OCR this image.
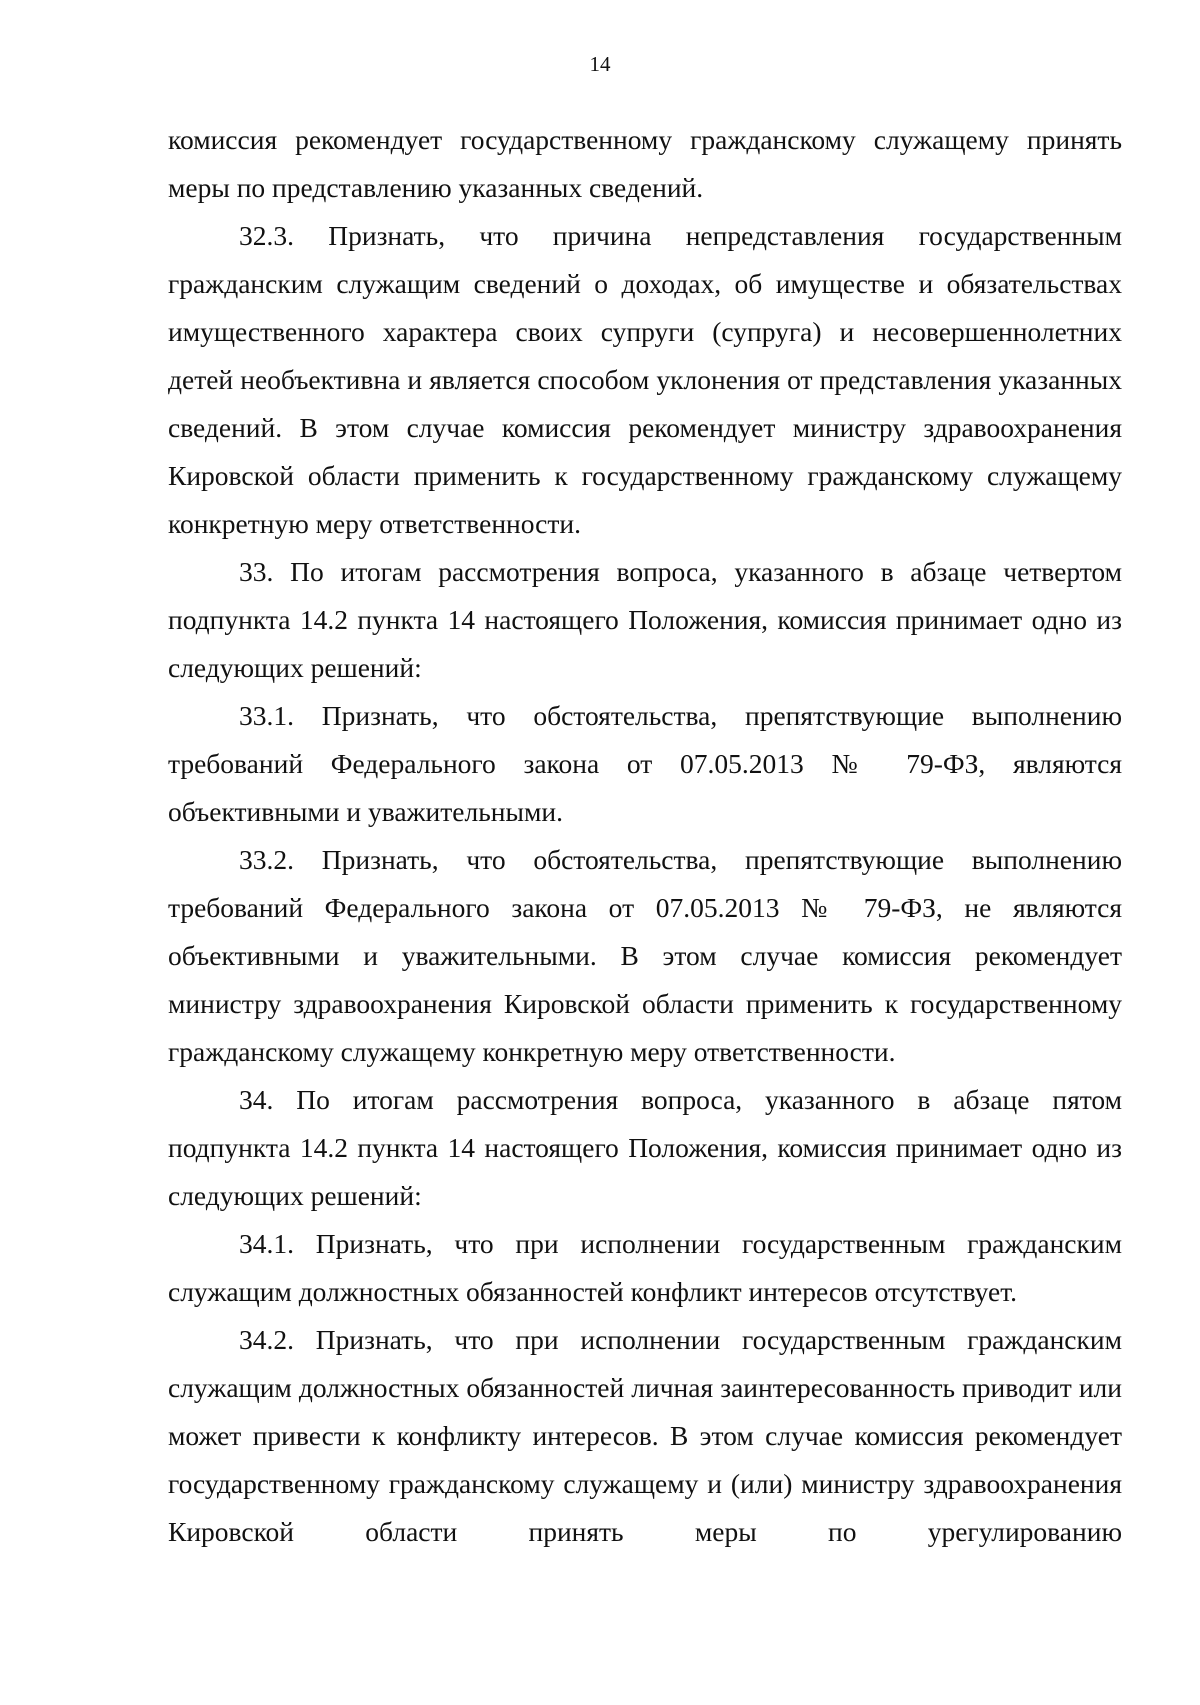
14

комиссия рекомендует государственному гражданскому служащему принять меры по представлению указанных сведений.

32.3. Признать, что причина непредставления государственным гражданским служащим сведений о доходах, об имуществе и обязательствах имущественного характера своих супруги (супруга) и несовершеннолетних детей необъективна и является способом уклонения от представления указанных сведений. В этом случае комиссия рекомендует министру здравоохранения Кировской области применить к государственному гражданскому служащему конкретную меру ответственности.

33. По итогам рассмотрения вопроса, указанного в абзаце четвертом подпункта 14.2 пункта 14 настоящего Положения, комиссия принимает одно из следующих решений:

33.1. Признать, что обстоятельства, препятствующие выполнению требований Федерального закона от 07.05.2013 № 79-ФЗ, являются объективными и уважительными.

33.2. Признать, что обстоятельства, препятствующие выполнению требований Федерального закона от 07.05.2013 № 79-ФЗ, не являются объективными и уважительными. В этом случае комиссия рекомендует министру здравоохранения Кировской области применить к государственному гражданскому служащему конкретную меру ответственности.

34. По итогам рассмотрения вопроса, указанного в абзаце пятом подпункта 14.2 пункта 14 настоящего Положения, комиссия принимает одно из следующих решений:

34.1. Признать, что при исполнении государственным гражданским служащим должностных обязанностей конфликт интересов отсутствует.

34.2. Признать, что при исполнении государственным гражданским служащим должностных обязанностей личная заинтересованность приводит или может привести к конфликту интересов. В этом случае комиссия рекомендует государственному гражданскому служащему и (или) министру здравоохранения Кировской области принять меры по урегулированию
